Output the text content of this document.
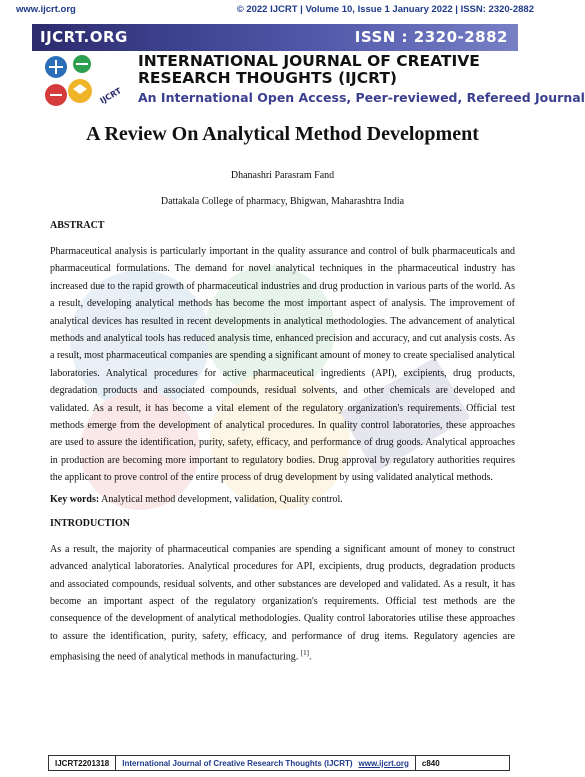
www.ijcrt.org	© 2022 IJCRT | Volume 10, Issue 1 January 2022 | ISSN: 2320-2882
IJCRT.ORG	ISSN : 2320-2882
IJCRT
INTERNATIONAL JOURNAL OF CREATIVE
RESEARCH THOUGHTS (IJCRT)
An International Open Access, Peer-reviewed, Refereed Journal
A Review On Analytical Method Development
Dhanashri Parasram Fand
Dattakala College of pharmacy, Bhigwan, Maharashtra India
ABSTRACT
Pharmaceutical analysis is particularly important in the quality assurance and control of bulk pharmaceuticals and pharmaceutical formulations. The demand for novel analytical techniques in the pharmaceutical industry has increased due to the rapid growth of pharmaceutical industries and drug production in various parts of the world. As a result, developing analytical methods has become the most important aspect of analysis. The improvement of analytical devices has resulted in recent developments in analytical methodologies. The advancement of analytical methods and analytical tools has reduced analysis time, enhanced precision and accuracy, and cut analysis costs. As a result, most pharmaceutical companies are spending a significant amount of money to create specialised analytical laboratories. Analytical procedures for active pharmaceutical ingredients (API), excipients, drug products, degradation products and associated compounds, residual solvents, and other chemicals are developed and validated. As a result, it has become a vital element of the regulatory organization's requirements. Official test methods emerge from the development of analytical procedures. In quality control laboratories, these approaches are used to assure the identification, purity, safety, efficacy, and performance of drug goods. Analytical approaches in production are becoming more important to regulatory bodies. Drug approval by regulatory authorities requires the applicant to prove control of the entire process of drug development by using validated analytical methods.
Key words: Analytical method development, validation, Quality control.
INTRODUCTION
As a result, the majority of pharmaceutical companies are spending a significant amount of money to construct advanced analytical laboratories. Analytical procedures for API, excipients, drug products, degradation products and associated compounds, residual solvents, and other substances are developed and validated. As a result, it has become an important aspect of the regulatory organization's requirements. Official test methods are the consequence of the development of analytical methodologies. Quality control laboratories utilise these approaches to assure the identification, purity, safety, efficacy, and performance of drug items. Regulatory agencies are emphasising the need of analytical methods in manufacturing. [1].
IJCRT2201318	International Journal of Creative Research Thoughts (IJCRT) www.ijcrt.org	c840
